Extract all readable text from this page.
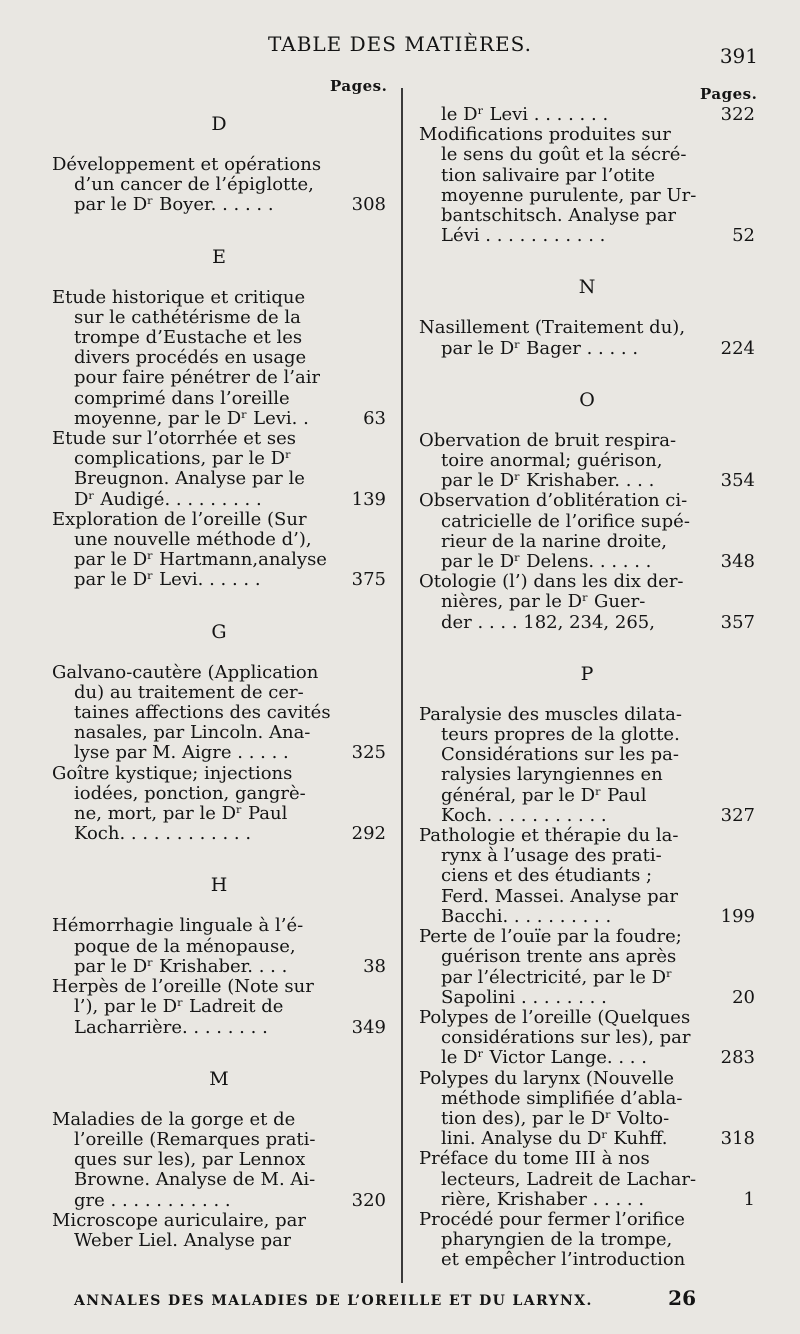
TABLE DES MATIÈRES.	391
Pages.	Pages.
D
Développement et opérations
d’un cancer de l’épiglotte,
par le Dʳ Boyer. . . . . .	308
E
Etude historique et critique
sur le cathétérisme de la
trompe d’Eustache et les
divers procédés en usage
pour faire pénétrer de l’air
comprimé dans l’oreille
moyenne, par le Dʳ Levi. .	63
Etude sur l’otorrhée et ses
complications, par le Dʳ
Breugnon. Analyse par le
Dʳ Audigé. . . . . . . . .	139
Exploration de l’oreille (Sur
une nouvelle méthode d’),
par le Dʳ Hartmann,analyse
par le Dʳ Levi. . . . . .	375
G
Galvano-cautère (Application
du) au traitement de cer-
taines affections des cavités
nasales, par Lincoln. Ana-
lyse par M. Aigre . . . . .	325
Goître kystique; injections
iodées, ponction, gangrè-
ne, mort, par le Dʳ Paul
Koch. . . . . . . . . . . .	292
H
Hémorrhagie linguale à l’é-
poque de la ménopause,
par le Dʳ Krishaber. . . .	38
Herpès de l’oreille (Note sur
l’), par le Dʳ Ladreit de
Lacharrière. . . . . . . .	349
M
Maladies de la gorge et de
l’oreille (Remarques prati-
ques sur les), par Lennox
Browne. Analyse de M. Ai-
gre . . . . . . . . . . .	320
Microscope auriculaire, par
Weber Liel. Analyse par
le Dʳ Levi . . . . . . .	322
Modifications produites sur
le sens du goût et la sécré-
tion salivaire par l’otite
moyenne purulente, par Ur-
bantschitsch. Analyse par
Lévi . . . . . . . . . . .	52
N
Nasillement (Traitement du),
par le Dʳ Bager . . . . .	224
O
Obervation de bruit respira-
toire anormal; guérison,
par le Dʳ Krishaber. . . .	354
Observation d’oblitération ci-
catricielle de l’orifice supé-
rieur de la narine droite,
par le Dʳ Delens. . . . . .	348
Otologie (l’) dans les dix der-
nières, par le Dʳ Guer-
der . . . . 182, 234, 265,	357
P
Paralysie des muscles dilata-
teurs propres de la glotte.
Considérations sur les pa-
ralysies laryngiennes en
général, par le Dʳ Paul
Koch. . . . . . . . . . .	327
Pathologie et thérapie du la-
rynx à l’usage des prati-
ciens et des étudiants ;
Ferd. Massei. Analyse par
Bacchi. . . . . . . . . .	199
Perte de l’ouïe par la foudre;
guérison trente ans après
par l’électricité, par le Dʳ
Sapolini . . . . . . . .	20
Polypes de l’oreille (Quelques
considérations sur les), par
le Dʳ Victor Lange. . . .	283
Polypes du larynx (Nouvelle
méthode simplifiée d’abla-
tion des), par le Dʳ Volto-
lini. Analyse du Dʳ Kuhff.	318
Préface du tome III à nos
lecteurs, Ladreit de Lachar-
rière, Krishaber . . . . .	1
Procédé pour fermer l’orifice
pharyngien de la trompe,
et empêcher l’introduction
ANNALES DES MALADIES DE L’OREILLE ET DU LARYNX.	26
